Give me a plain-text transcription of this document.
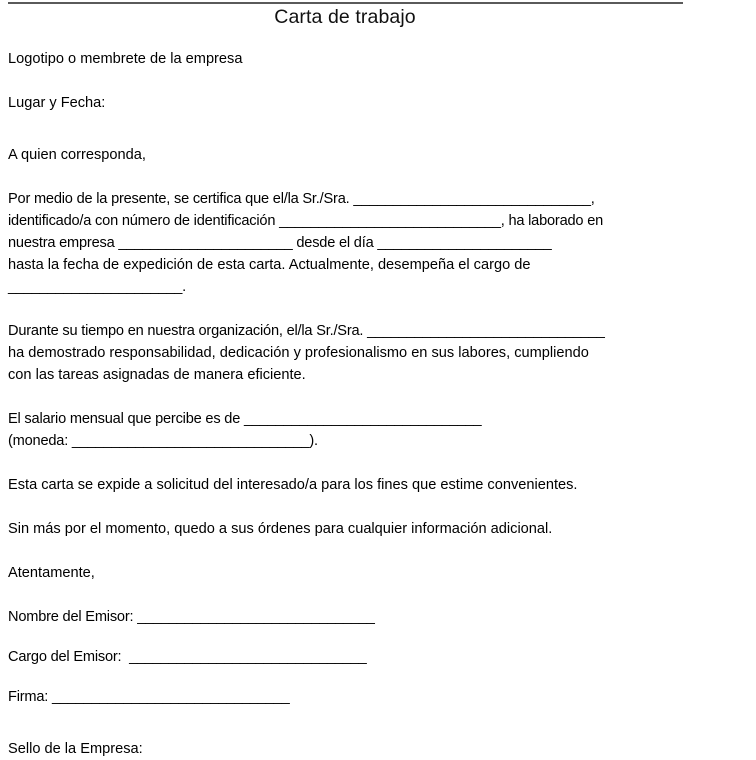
Carta de trabajo
Logotipo o membrete de la empresa
Lugar y Fecha:
A quien corresponda,
Por medio de la presente, se certifica que el/la Sr./Sra. ______________________________,
identificado/a con número de identificación ____________________________, ha laborado en
nuestra empresa ______________________ desde el día ______________________
hasta la fecha de expedición de esta carta. Actualmente, desempeña el cargo de
______________________.
Durante su tiempo en nuestra organización, el/la Sr./Sra. ______________________________
ha demostrado responsabilidad, dedicación y profesionalismo en sus labores, cumpliendo
con las tareas asignadas de manera eficiente.
El salario mensual que percibe es de ______________________________
(moneda: ______________________________).
Esta carta se expide a solicitud del interesado/a para los fines que estime convenientes.
Sin más por el momento, quedo a sus órdenes para cualquier información adicional.
Atentamente,
Nombre del Emisor: ______________________________
Cargo del Emisor:  ______________________________
Firma: ______________________________
Sello de la Empresa:
